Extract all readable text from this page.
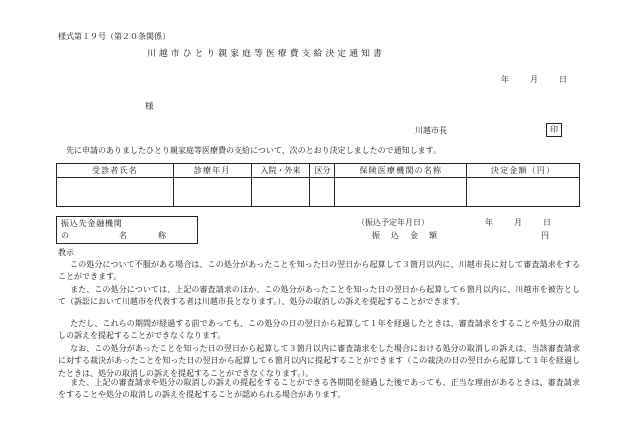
様式第１９号（第２０条関係）
川越市ひとり親家庭等医療費支給決定通知書
年	月	日
様
川越市長	印
先に申請のありましたひとり親家庭等医療費の支給について、次のとおり決定しましたので通知します。
受診者氏名	診療年月	入院・外来	区分	保険医療機関の名称	決定金額（円）

振込先金融機関
の	名	称
（振込予定年月日）	年	月	日
振込金額	円
教示
この処分について不服がある場合は、この処分があったことを知った日の翌日から起算して３箇月以内に、川越市長に対して審査請求をすることができます。
また、この処分については、上記の審査請求のほか、この処分があったことを知った日の翌日から起算して６箇月以内に、川越市を被告として（訴訟において川越市を代表する者は川越市長となります。）、処分の取消しの訴えを提起することができます。
ただし、これらの期間が経過する前であっても、この処分の日の翌日から起算して１年を経過したときは、審査請求をすることや処分の取消しの訴えを提起することができなくなります。
なお、この処分があったことを知った日の翌日から起算して３箇月以内に審査請求をした場合における処分の取消しの訴えは、当該審査請求に対する裁決があったことを知った日の翌日から起算して６箇月以内に提起することができます（この裁決の日の翌日から起算して１年を経過したときは、処分の取消しの訴えを提起することができなくなります。）。
また、上記の審査請求や処分の取消しの訴えの提起をすることができる各期間を経過した後であっても、正当な理由があるときは、審査請求をすることや処分の取消しの訴えを提起することが認められる場合があります。
